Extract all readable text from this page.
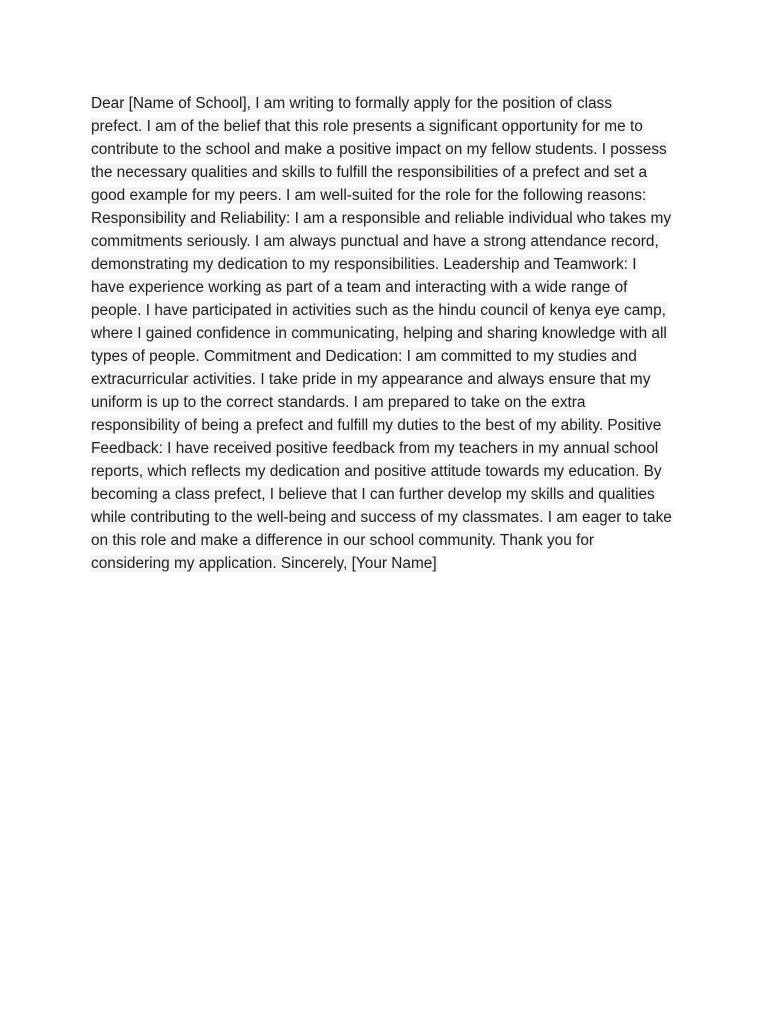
Dear [Name of School], I am writing to formally apply for the position of class
prefect. I am of the belief that this role presents a significant opportunity for me to
contribute to the school and make a positive impact on my fellow students. I possess
the necessary qualities and skills to fulfill the responsibilities of a prefect and set a
good example for my peers. I am well-suited for the role for the following reasons:
Responsibility and Reliability: I am a responsible and reliable individual who takes my
commitments seriously. I am always punctual and have a strong attendance record,
demonstrating my dedication to my responsibilities. Leadership and Teamwork: I
have experience working as part of a team and interacting with a wide range of
people. I have participated in activities such as the hindu council of kenya eye camp,
where I gained confidence in communicating, helping and sharing knowledge with all
types of people. Commitment and Dedication: I am committed to my studies and
extracurricular activities. I take pride in my appearance and always ensure that my
uniform is up to the correct standards. I am prepared to take on the extra
responsibility of being a prefect and fulfill my duties to the best of my ability. Positive
Feedback: I have received positive feedback from my teachers in my annual school
reports, which reflects my dedication and positive attitude towards my education. By
becoming a class prefect, I believe that I can further develop my skills and qualities
while contributing to the well-being and success of my classmates. I am eager to take
on this role and make a difference in our school community. Thank you for
considering my application. Sincerely, [Your Name]
